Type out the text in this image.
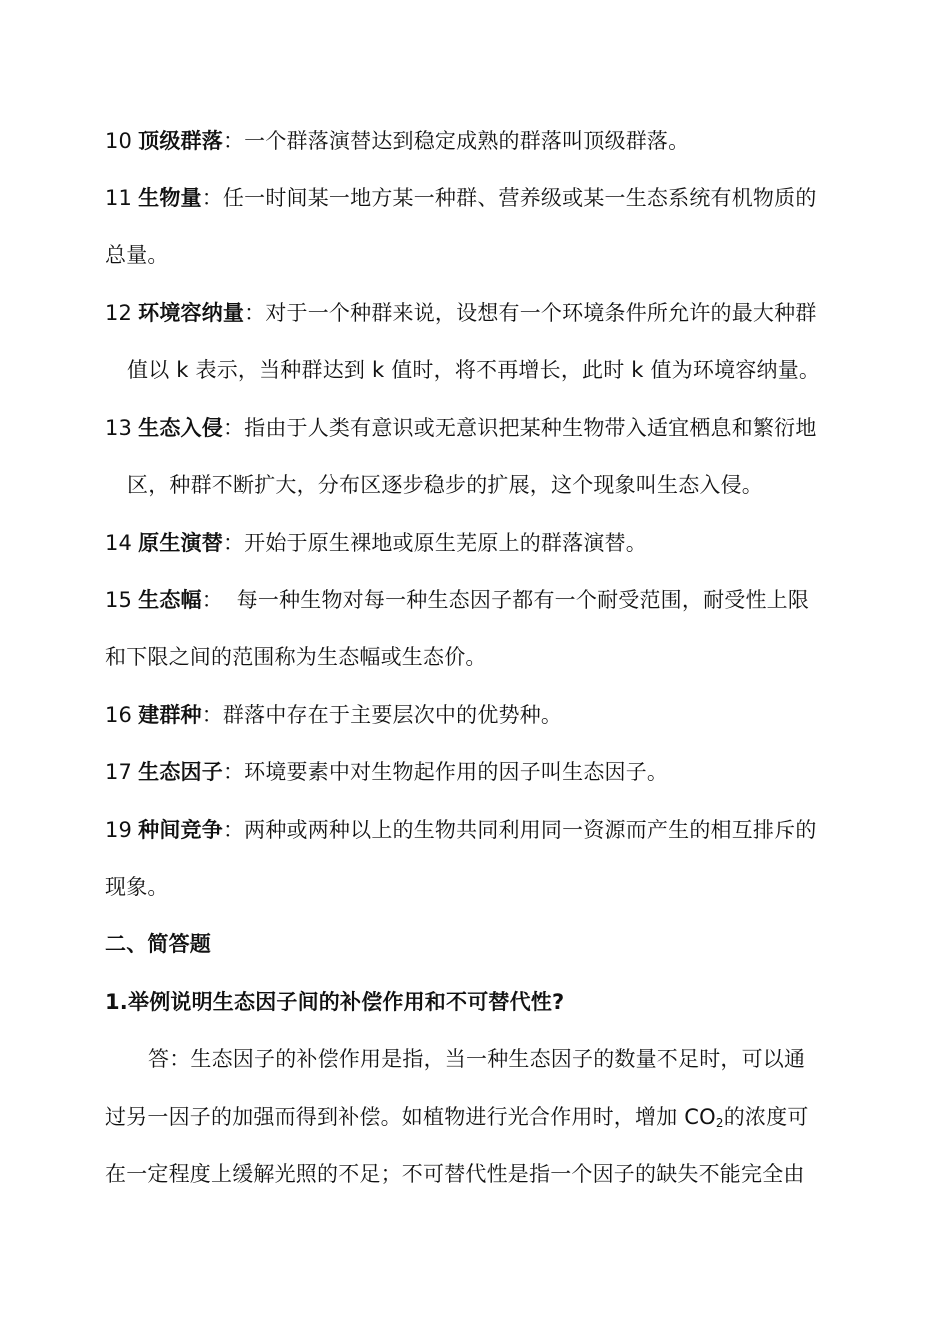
10 顶级群落：一个群落演替达到稳定成熟的群落叫顶级群落。
11 生物量：任一时间某一地方某一种群、营养级或某一生态系统有机物质的
总量。
12 环境容纳量：对于一个种群来说，设想有一个环境条件所允许的最大种群
值以 k 表示，当种群达到 k 值时，将不再增长，此时 k 值为环境容纳量。
13 生态入侵：指由于人类有意识或无意识把某种生物带入适宜栖息和繁衍地
区，种群不断扩大，分布区逐步稳步的扩展，这个现象叫生态入侵。
14 原生演替：开始于原生裸地或原生芜原上的群落演替。
15 生态幅：  每一种生物对每一种生态因子都有一个耐受范围，耐受性上限
和下限之间的范围称为生态幅或生态价。
16 建群种：群落中存在于主要层次中的优势种。
17 生态因子：环境要素中对生物起作用的因子叫生态因子。
19 种间竞争：两种或两种以上的生物共同利用同一资源而产生的相互排斥的
现象。
二、简答题
1.举例说明生态因子间的补偿作用和不可替代性?
答：生态因子的补偿作用是指，当一种生态因子的数量不足时，可以通
过另一因子的加强而得到补偿。如植物进行光合作用时，增加 $CO_2$的浓度可
在一定程度上缓解光照的不足；不可替代性是指一个因子的缺失不能完全由
